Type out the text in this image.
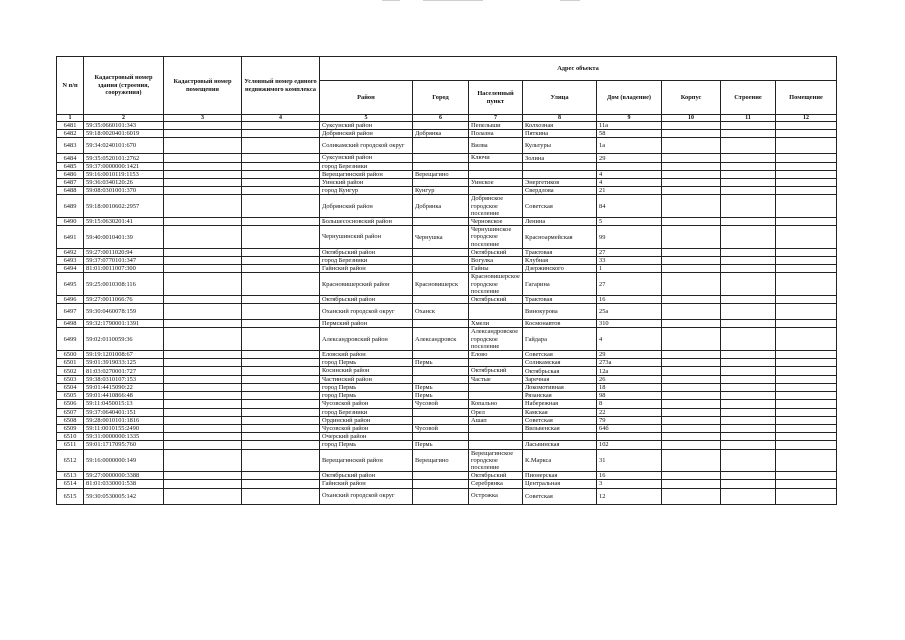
N п/п	Кадастровый номер здания (строения, сооружения)	Кадастровый номер помещения	Условный номер единого недвижимого комплекса	Адрес объекта							
				Район	Город	Населенный пункт	Улица	Дом (владение)	Корпус	Строение	Помещение
1	2	3	4	5	6	7	8	9	10	11	12
6481	59:35:0660101:343			Суксунский район		Пепелыши	Колхозная	11а			
6482	59:18:0020401:6019			Добрянский район	Добрянка	Полазна	Пяткина	58			
6483	59:34:0240101:670			Соликамский городской округ		Вилва	Культуры	1а			
6484	59:35:0520101:2762			Суксунский район		Ключи	Золина	29			
6485	59:37:0000000:1421			город Березники							
6486	59:16:0010119:1153			Верещагинский район	Верещагино			4			
6487	59:36:0340120:26			Уинский район		Уинское	Энергетиков	4			
6488	59:08:0301001:370			город Кунгур	Кунгур		Свердлова	21			
6489	59:18:0010602:2957			Добрянский район	Добрянка	Добрянское городское поселение	Советская	84			
6490	59:15:0630201:41			Большесосновский район		Черновское	Ленина	5			
6491	59:40:0010401:39			Чернушинский район	Чернушка	Чернушинское городское поселение	Красноармейская	99			
6492	59:27:0011020:94			Октябрьский район		Октябрьский	Трактовая	27			
6493	59:37:0770101:347			город Березники		Вогулка	Клубная	33			
6494	81:01:0011007:300			Гайнский район		Гайны	Дзержинского	1			
6495	59:25:0010308:116			Красновишерский район	Красновишерск	Красновишерское городское поселение	Гагарина	27			
6496	59:27:0011066:76			Октябрьский район		Октябрьский	Трактовая	16			
6497	59:30:0460078:159			Оханский городской округ	Оханск		Винокурова	25а			
6498	59:32:1790001:1391			Пермский район		Хмели	Космонавтов	310			
6499	59:02:0110059:36			Александровский район	Александровск	Александровское городское поселение	Гайдара	4			
6500	59:19:1201008:67			Еловский район		Елово	Советская	29			
6501	59:01:3919033:125			город Пермь	Пермь		Соликамская	273а			
6502	81:03:0270001:727			Косинский район		Октябрьский	Октябрьская	12а			
6503	59:38:0310107:153			Частинский район		Частые	Заречная	26			
6504	59:01:4415090:22			город Пермь	Пермь		Локомотивная	18			
6505	59:01:4410866:48			город Пермь	Пермь		Рязанская	98			
6506	59:11:0450015:13			Чусовской район	Чусовой	Копально	Набережная	8			
6507	59:37:0640401:151			город Березники		Орел	Камская	22			
6508	59:28:0010101:1816			Ординский район		Ашап	Советская	79			
6509	59:11:0010155:2490			Чусовской район	Чусовой		Вильвенская	64б			
6510	59:31:0000000:1335			Очерский район							
6511	59:01:1717095:760			город Пермь	Пермь		Ласьвинская	102			
6512	59:16:0000000:149			Верещагинский район	Верещагино	Верещагинское городское поселение	К.Маркса	31			
6513	59:27:0000000:3388			Октябрьский район		Октябрьский	Пионерская	16			
6514	81:01:0330001:538			Гайнский район		Серебрянка	Центральная	3			
6515	59:30:0530005:142			Оханский городской округ		Острожка	Советская	12			
